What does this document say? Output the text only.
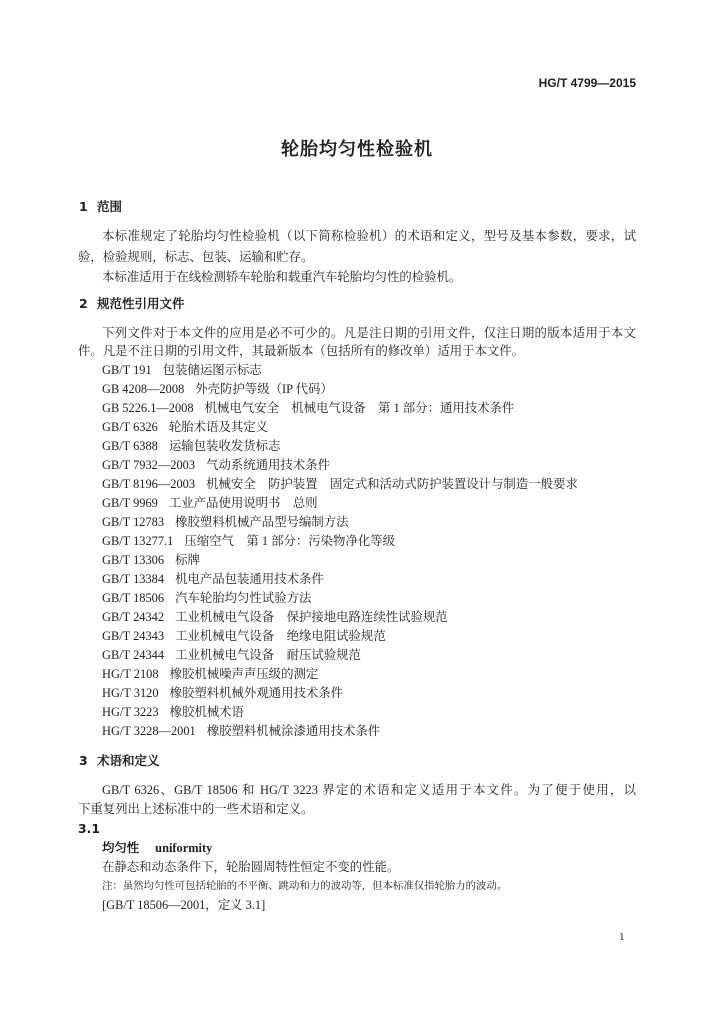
HG/T 4799—2015
轮胎均匀性检验机
1 范围
本标准规定了轮胎均匀性检验机（以下简称检验机）的术语和定义，型号及基本参数，要求，试
验，检验规则，标志、包装、运输和贮存。
本标准适用于在线检测轿车轮胎和载重汽车轮胎均匀性的检验机。
2 规范性引用文件
下列文件对于本文件的应用是必不可少的。凡是注日期的引用文件，仅注日期的版本适用于本文
件。凡是不注日期的引用文件，其最新版本（包括所有的修改单）适用于本文件。
GB/T 191 包装储运图示标志
GB 4208—2008 外壳防护等级（IP 代码）
GB 5226.1—2008 机械电气安全　机械电气设备　第 1 部分：通用技术条件
GB/T 6326 轮胎术语及其定义
GB/T 6388 运输包装收发货标志
GB/T 7932—2003 气动系统通用技术条件
GB/T 8196—2003 机械安全　防护装置　固定式和活动式防护装置设计与制造一般要求
GB/T 9969 工业产品使用说明书　总则
GB/T 12783 橡胶塑料机械产品型号编制方法
GB/T 13277.1 压缩空气　第 1 部分：污染物净化等级
GB/T 13306 标牌
GB/T 13384 机电产品包装通用技术条件
GB/T 18506 汽车轮胎均匀性试验方法
GB/T 24342 工业机械电气设备　保护接地电路连续性试验规范
GB/T 24343 工业机械电气设备　绝缘电阻试验规范
GB/T 24344 工业机械电气设备　耐压试验规范
HG/T 2108 橡胶机械噪声声压级的测定
HG/T 3120 橡胶塑料机械外观通用技术条件
HG/T 3223 橡胶机械术语
HG/T 3228—2001 橡胶塑料机械涂漆通用技术条件
3 术语和定义
GB/T 6326、GB/T 18506 和 HG/T 3223 界定的术语和定义适用于本文件。为了便于使用，以
下重复列出上述标准中的一些术语和定义。
3.1
均匀性 uniformity
在静态和动态条件下，轮胎圆周特性恒定不变的性能。
注：虽然均匀性可包括轮胎的不平衡、跳动和力的波动等，但本标准仅指轮胎力的波动。
[GB/T 18506—2001，定义 3.1]
1
